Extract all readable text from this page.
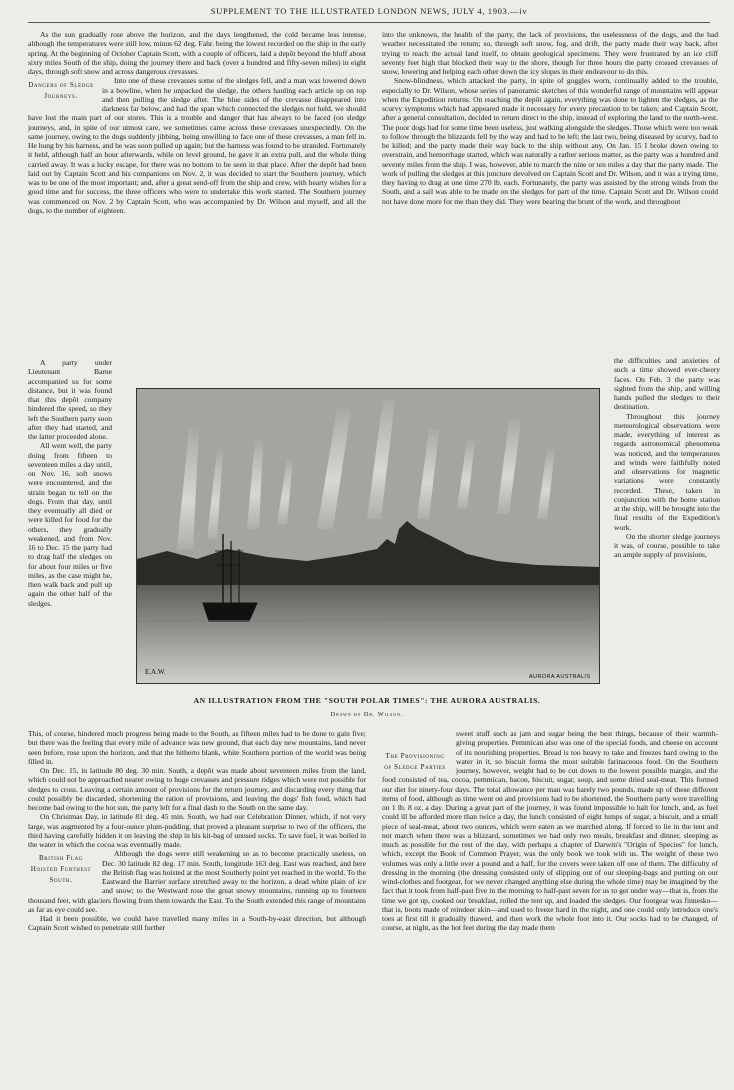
SUPPLEMENT TO THE ILLUSTRATED LONDON NEWS, JULY 4, 1903.—iv

As the sun gradually rose above the horizon, and the days lengthened, the cold became less intense, although the temperatures were still low, minus 62 deg. Fahr. being the lowest recorded on the ship in the early spring. At the beginning of October Captain Scott, with a couple of officers, laid a depôt beyond the bluff about sixty miles South of the ship, doing the journey there and back (over a hundred and fifty-seven miles) in eight days, through soft snow and across dangerous crevasses.

Dangers of Sledge Journeys.

Into one of these crevasses some of the sledges fell, and a man was lowered down in a bowline, when he unpacked the sledge, the others hauling each article up on top and then pulling the sledge after. The blue sides of the crevasse disappeared into darkness far below, and had the span which connected the sledges not held, we should have lost the main part of our stores. This is a trouble and danger that has always to be faced (on sledge journeys, and, in spite of our utmost care, we sometimes came across these crevasses unexpectedly. On the same journey, owing to the dogs suddenly jibbing, being unwilling to face one of these crevasses, a man fell in. He hung by his harness, and he was soon pulled up again; but the harness was found to be stranded. Fortunately it held, although half an hour afterwards, while on level ground, he gave it an extra pull, and the whole thing carried away. It was a lucky escape, for there was no bottom to be seen in that place. After the depôt had been laid out by Captain Scott and his companions on Nov. 2, it was decided to start the Southern journey, which was to be one of the most important; and, after a great send-off from the ship and crew, with hearty wishes for a good time and for success, the three officers who were to undertake this work started. The Southern journey was commenced on Nov. 2 by Captain Scott, who was accompanied by Dr. Wilson and myself, and all the dogs, to the number of eighteen.

A party under Lieutenant Barne accompanied us for some distance, but it was found that this depôt company hindered the speed, so they left the Southern party soon after they had started, and the latter proceeded alone.

All went well, the party doing from fifteen to seventeen miles a day until, on Nov. 16, soft snows were encountered, and the strain began to tell on the dogs. From that day, until they eventually all died or were killed for food for the others, they gradually weakened, and from Nov. 16 to Dec. 15 the party had to drag half the sledges on for about four miles or five miles, as the case might be, then walk back and pull up again the other half of the sledges.

into the unknown, the health of the party, the lack of provisions, the uselessness of the dogs, and the bad weather necessitated the return; so, through soft snow, fog, and drift, the party made their way back, after trying to reach the actual land itself, to obtain geological specimens. They were frustrated by an ice cliff seventy feet high that blocked their way to the shore, though for three hours the party crossed crevasses of snow, lowering and helping each other down the icy slopes in their endeavour to do this.

Snow-blindness, which attacked the party, in spite of goggles worn, continually added to the trouble, especially to Dr. Wilson, whose series of panoramic sketches of this wonderful range of mountains will appear when the Expedition returns. On reaching the depôt again, everything was done to lighten the sledges, as the scurvy symptoms which had appeared made it necessary for every precaution to be taken; and Captain Scott, after a general consultation, decided to return direct to the ship, instead of exploring the land to the north-west. The poor dogs had for some time been useless, just walking alongside the sledges. Those which were too weak to follow through the blizzards fell by the way and had to be left; the last two, being diseased by scurvy, had to be killed; and the party made their way back to the ship without any. On Jan. 15 I broke down owing to overstrain, and hemorrhage started, which was naturally a rather serious matter, as the party was a hundred and seventy miles from the ship. I was, however, able to march the nine or ten miles a day that the party made. The work of pulling the sledges at this juncture devolved on Captain Scott and Dr. Wilson, and it was a trying time, they having to drag at one time 270 lb. each. Fortunately, the party was assisted by the strong winds from the South, and a sail was able to be made on the sledges for part of the time. Captain Scott and Dr. Wilson could not have done more for me than they did. They were bearing the brunt of the work, and throughout

the difficulties and anxieties of such a time showed ever-cheery faces. On Feb. 3 the party was sighted from the ship, and willing hands pulled the sledges to their destination.

Throughout this journey meteorological observations were made, everything of interest as regards astronomical phenomena was noticed, and the temperatures and winds were faithfully noted and observations for magnetic variations were constantly recorded. These, taken in conjunction with the home station at the ship, will be brought into the final results of the Expedition's work.

On the shorter sledge journeys it was, of course, possible to take an ample supply of provisions,

E.A.W.
AURORA AUSTRALIS
AN ILLUSTRATION FROM THE "SOUTH POLAR TIMES": THE AURORA AUSTRALIS.
Drawn by Dr. Wilson.

This, of course, hindered much progress being made to the South, as fifteen miles had to be done to gain five; but there was the feeling that every mile of advance was new ground, that each day new mountains, land never seen before, rose upon the horizon, and that the hitherto blank, white Southern portion of the world was being filled in.

On Dec. 15, in latitude 80 deg. 30 min. South, a depôt was made about seventeen miles from the land, which could not be approached nearer owing to huge crevasses and pressure ridges which were not possible for sledges to cross. Leaving a certain amount of provisions for the return journey, and discarding every thing that could possibly be discarded, shortening the ration of provisions, and leaving the dogs' fish food, which had become bad owing to the hot sun, the party left for a final dash to the South on the same day.

On Christmas Day, in latitude 81 deg. 45 min. South, we had our Celebration Dinner, which, if not very large, was augmented by a four-ounce plum-pudding, that proved a pleasant surprise to two of the officers, the third having carefully hidden it on leaving the ship in his kit-bag of unused socks. To save fuel, it was boiled in the water in which the cocoa was eventually made.

British Flag Hoisted Furthest South.

Although the dogs were still weakening so as to become practically useless, on Dec. 30 latitude 82 deg. 17 min. South, longitude 163 deg. East was reached, and here the British flag was hoisted at the most Southerly point yet reached in the world. To the Eastward the Barrier surface stretched away to the horizon, a dead white plain of ice and snow; to the Westward rose the great snowy mountains, running up to fourteen thousand feet, with glaciers flowing from them towards the East. To the South extended this range of mountains as far as eye could see.

Had it been possible, we could have travelled many miles in a South-by-east direction, but although Captain Scott wished to penetrate still further

The Provisioning of Sledge Parties

sweet stuff such as jam and sugar being the best things, because of their warmth-giving properties. Pemmican also was one of the special foods, and cheese on account of its nourishing properties. Bread is too heavy to take and freezes hard owing to the water in it, so biscuit forms the most suitable farinaceous food. On the Southern journey, however, weight had to be cut down to the lowest possible margin, and the food consisted of tea, cocoa, pemmican, bacon, biscuit, sugar, soup, and some dried seal-meat. This formed our diet for ninety-four days. The total allowance per man was barely two pounds, made up of these different items of food, although as time went on and provisions had to be shortened, the Southern party were travelling on 1 lb. 8 oz. a day. During a great part of the journey, it was found impossible to halt for lunch, and, as fuel could ill be afforded more than twice a day, the lunch consisted of eight lumps of sugar, a biscuit, and a small piece of seal-meat, about two ounces, which were eaten as we marched along. If forced to lie in the tent and not march when there was a blizzard, sometimes we had only two meals, breakfast and dinner, sleeping as much as possible for the rest of the day, with perhaps a chapter of Darwin's "Origin of Species" for lunch, which, except the Book of Common Prayer, was the only book we took with us. The weight of these two volumes was only a little over a pound and a half, for the covers were taken off one of them. The difficulty of dressing in the morning (the dressing consisted only of slipping out of our sleeping-bags and putting on our wind-clothes and footgear, for we never changed anything else during the whole time) may be imagined by the fact that it took from half-past five in the morning to half-past seven for us to get under way—that is, from the time we got up, cooked our breakfast, rolled the tent up, and loaded the sledges. Our footgear was finnesko—that is, boots made of reindeer skin—and used to freeze hard in the night, and one could only introduce one's toes at first till it gradually thawed, and then work the whole foot into it. Our socks had to be changed, of course, at night, as the hot feet during the day made them
